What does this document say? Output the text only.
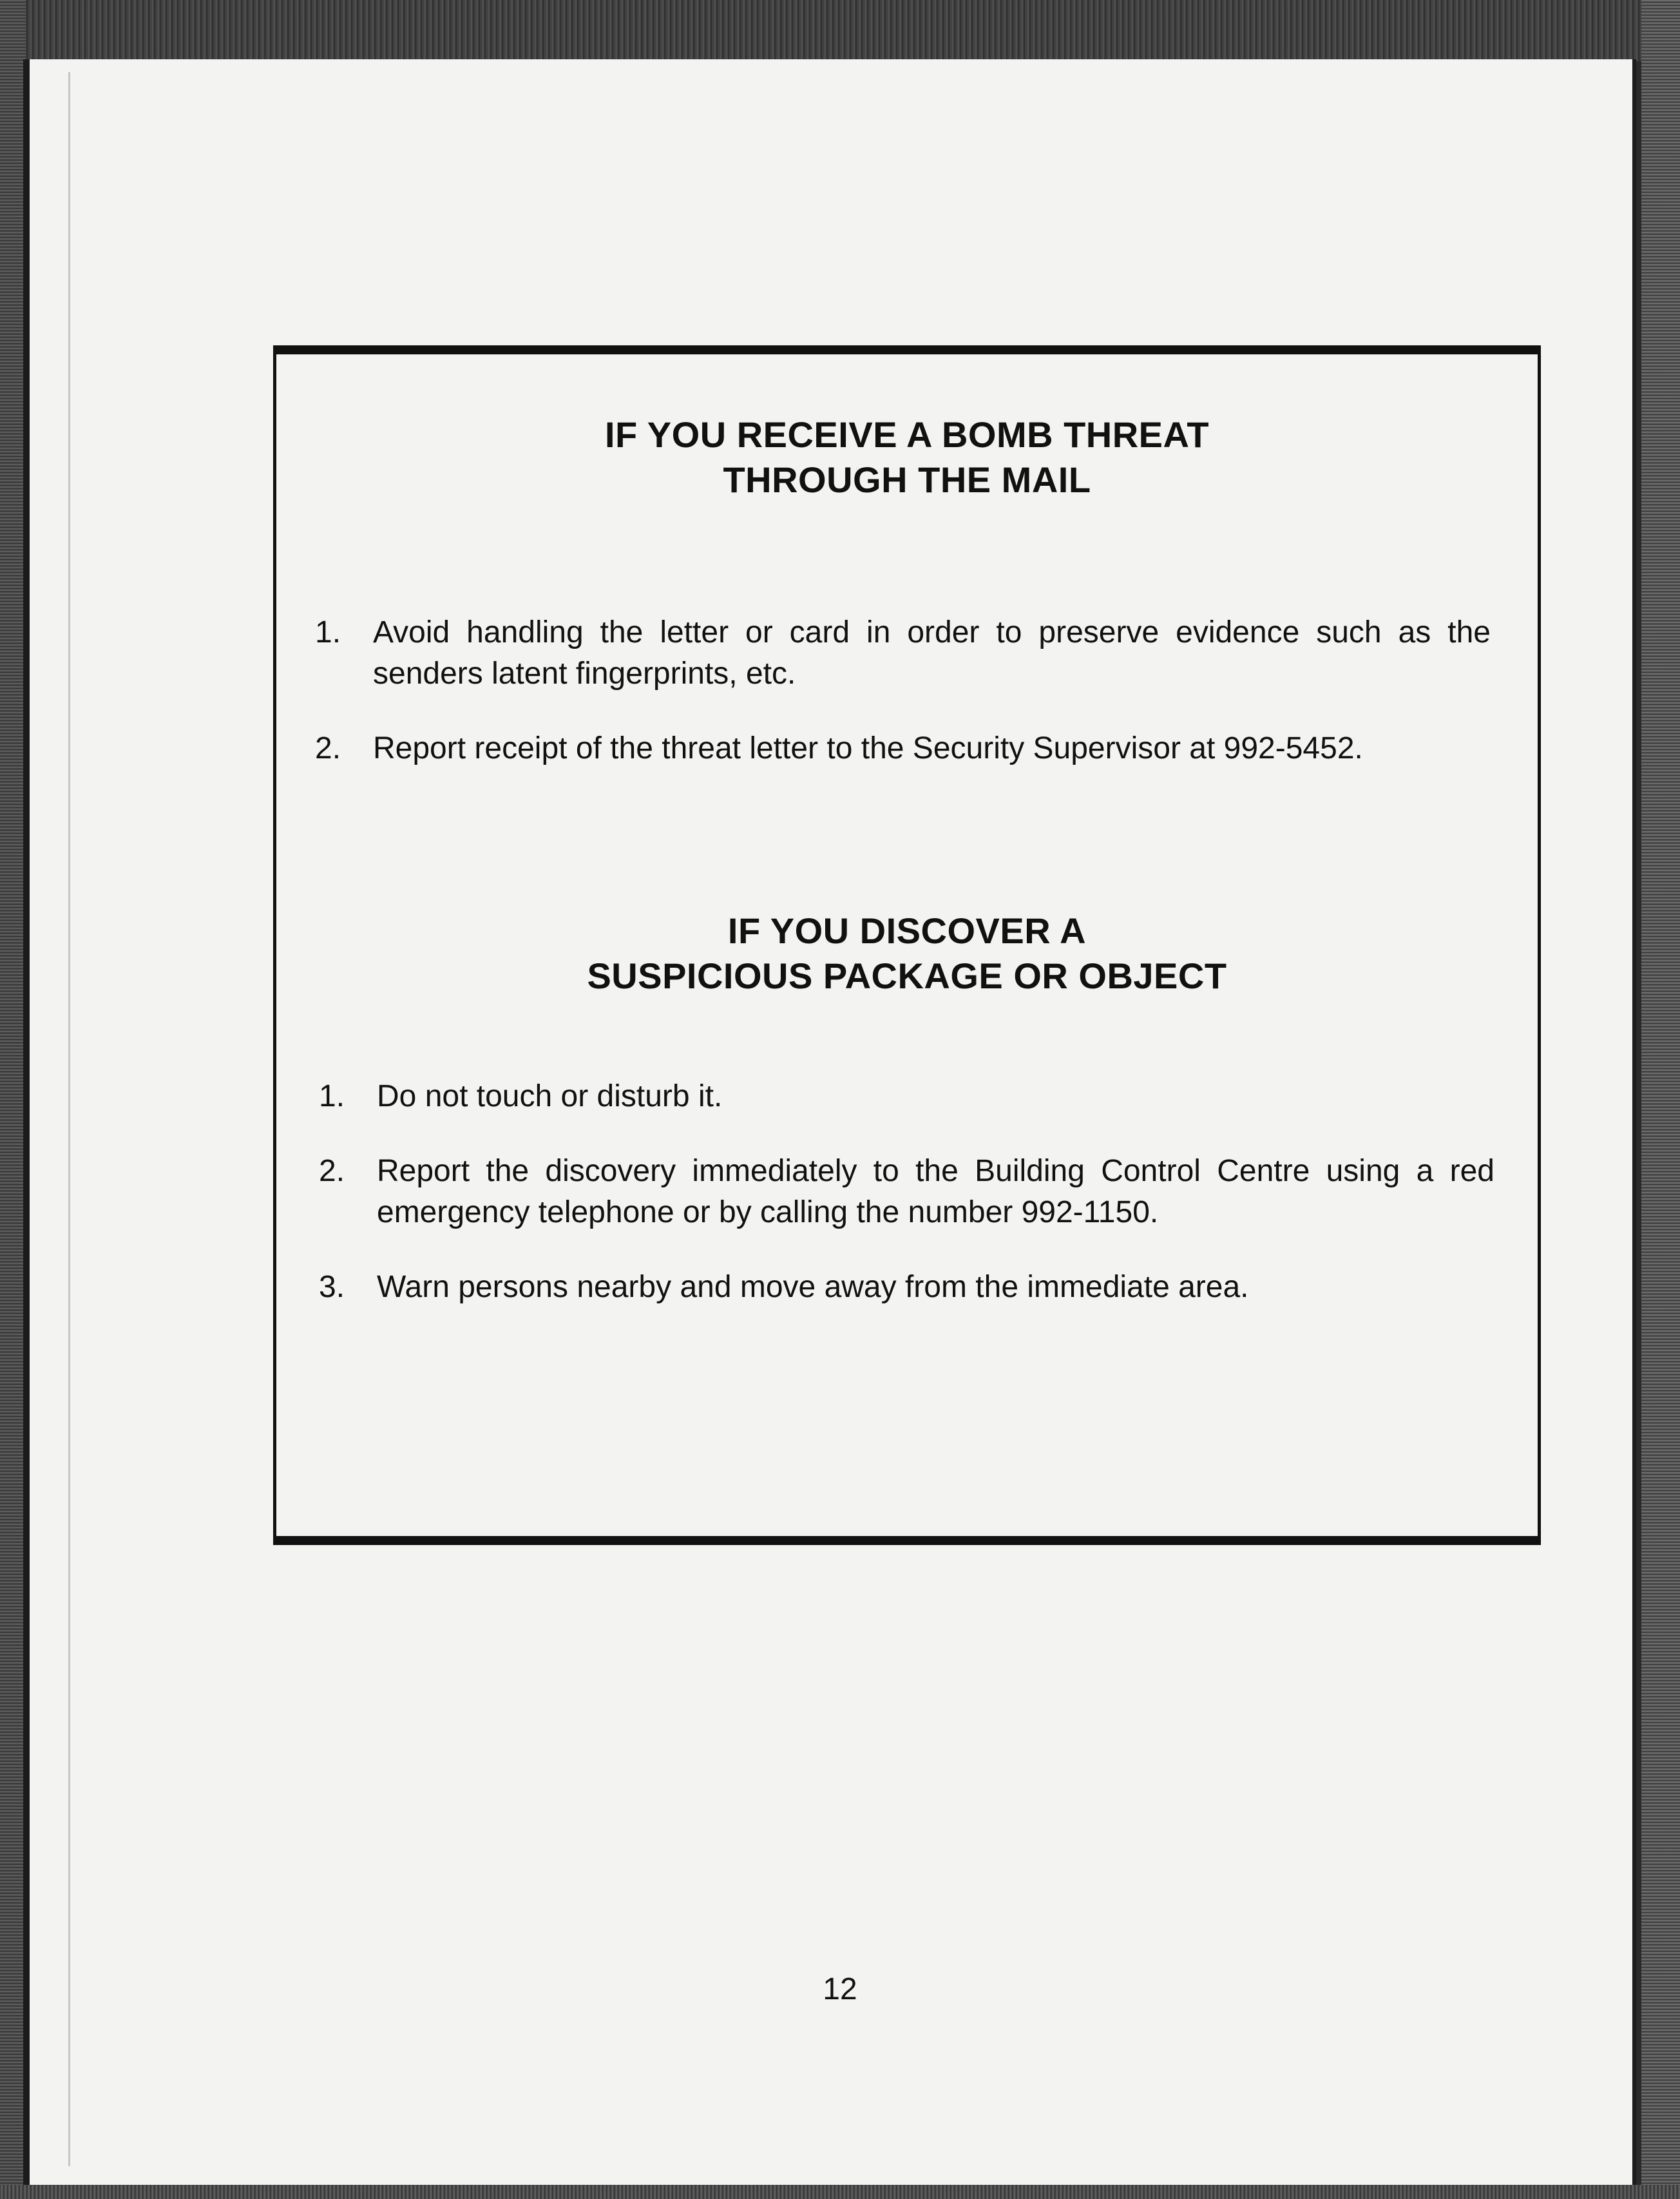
IF YOU RECEIVE A BOMB THREAT
THROUGH THE MAIL
1. Avoid handling the letter or card in order to preserve evidence such as the senders latent fingerprints, etc.
2. Report receipt of the threat letter to the Security Supervisor at 992-5452.
IF YOU DISCOVER A
SUSPICIOUS PACKAGE OR OBJECT
1. Do not touch or disturb it.
2. Report the discovery immediately to the Building Control Centre using a red emergency telephone or by calling the number 992-1150.
3. Warn persons nearby and move away from the immediate area.
12
